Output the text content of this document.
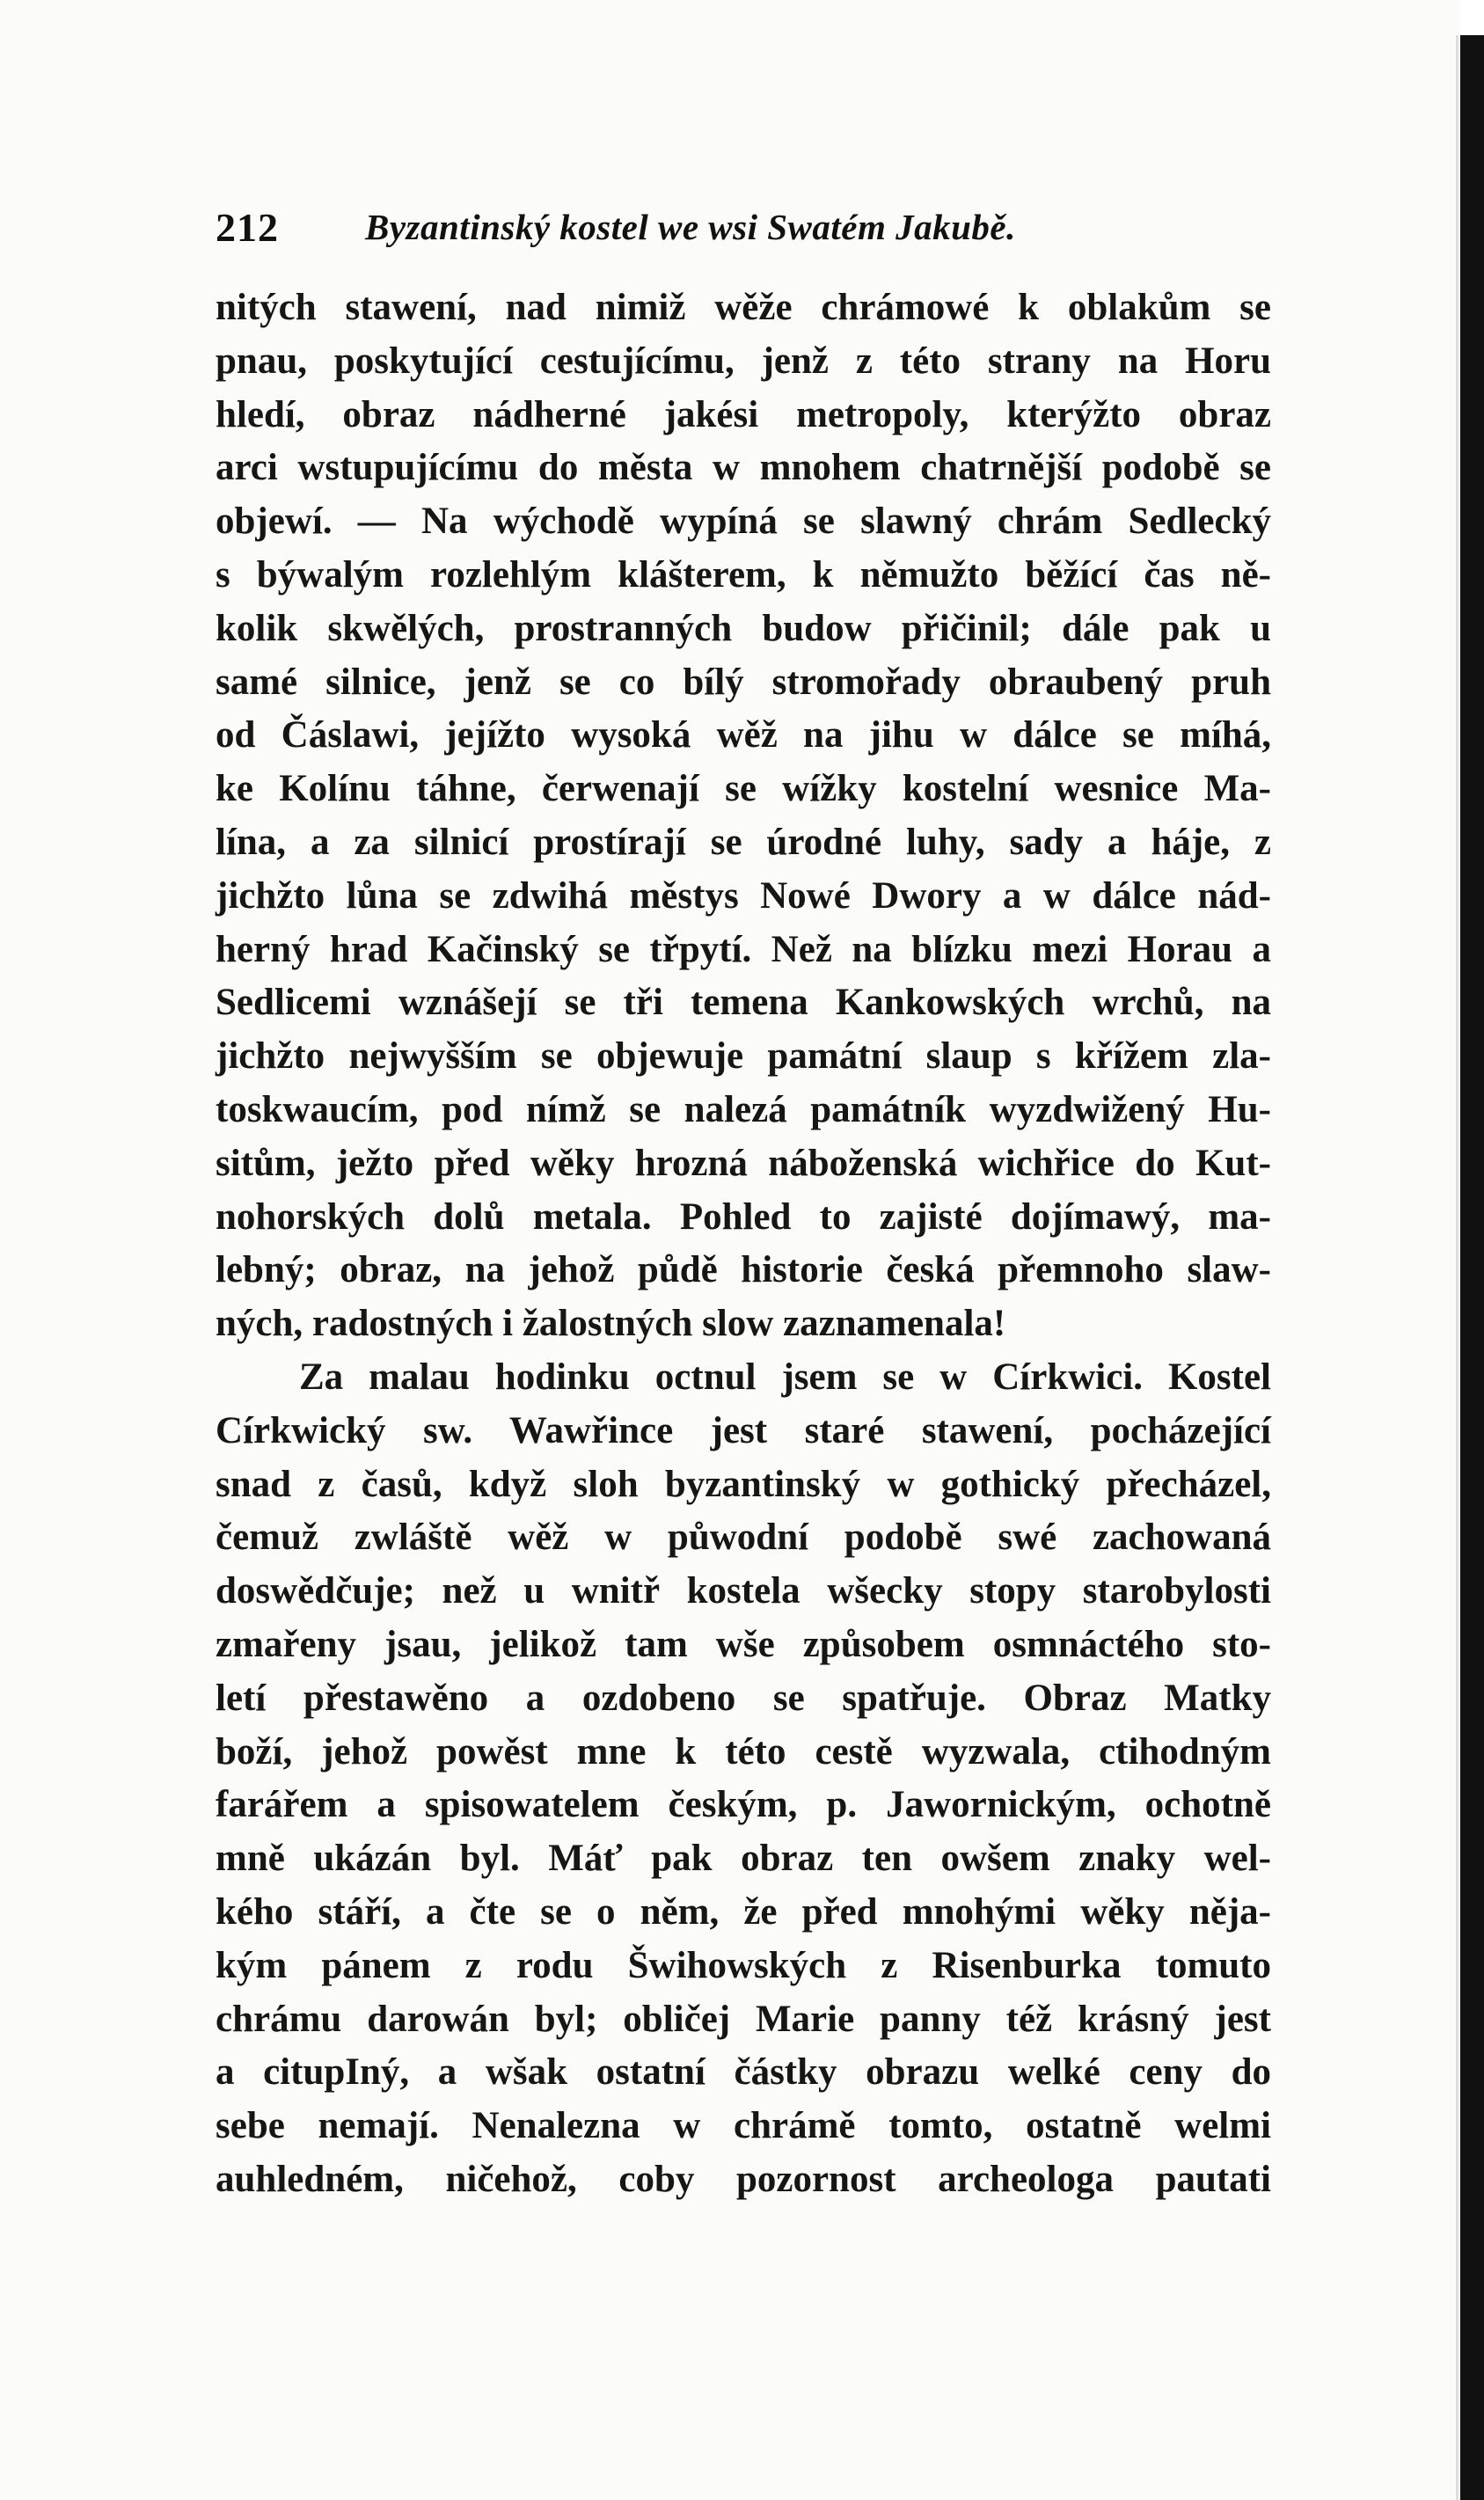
212 Byzantinský kostel we wsi Swatém Jakubě.
nitých stawení, nad nimiž wěže chrámowé k oblakům se
pnau, poskytující cestujícímu, jenž z této strany na Horu
hledí, obraz nádherné jakési metropoly, kterýžto obraz
arci wstupujícímu do města w mnohem chatrnější podobě se
objewí. — Na wýchodě wypíná se slawný chrám Sedlecký
s býwalým rozlehlým klášterem, k němužto běžící čas ně-
kolik skwělých, prostranných budow přičinil; dále pak u
samé silnice, jenž se co bílý stromořady obraubený pruh
od Čáslawi, jejížto wysoká wěž na jihu w dálce se míhá,
ke Kolínu táhne, čerwenají se wížky kostelní wesnice Ma-
lína, a za silnicí prostírají se úrodné luhy, sady a háje, z
jichžto lůna se zdwihá městys Nowé Dwory a w dálce nád-
herný hrad Kačinský se třpytí. Než na blízku mezi Horau a
Sedlicemi wznášejí se tři temena Kankowských wrchů, na
jichžto nejwyšším se objewuje památní slaup s křížem zla-
toskwaucím, pod nímž se nalezá památník wyzdwižený Hu-
sitům, ježto před wěky hrozná náboženská wichřice do Kut-
nohorských dolů metala. Pohled to zajisté dojímawý, ma-
lebný; obraz, na jehož půdě historie česká přemnoho slaw-
ných, radostných i žalostných slow zaznamenala!
Za malau hodinku octnul jsem se w Církwici. Kostel
Církwický sw. Wawřince jest staré stawení, pocházející
snad z časů, když sloh byzantinský w gothický přecházel,
čemuž zwláště wěž w půwodní podobě swé zachowaná
doswědčuje; než u wnitř kostela wšecky stopy starobylosti
zmařeny jsau, jelikož tam wše způsobem osmnáctého sto-
letí přestawěno a ozdobeno se spatřuje. Obraz Matky
boží, jehož powěst mne k této cestě wyzwala, ctihodným
farářem a spisowatelem českým, p. Jawornickým, ochotně
mně ukázán byl. Máť pak obraz ten owšem znaky wel-
kého stáří, a čte se o něm, že před mnohými wěky něja-
kým pánem z rodu Šwihowských z Risenburka tomuto
chrámu darowán byl; obličej Marie panny též krásný jest
a citupIný, a wšak ostatní částky obrazu welké ceny do
sebe nemají. Nenalezna w chrámě tomto, ostatně welmi
auhledném, ničehož, coby pozornost archeologa pautati
